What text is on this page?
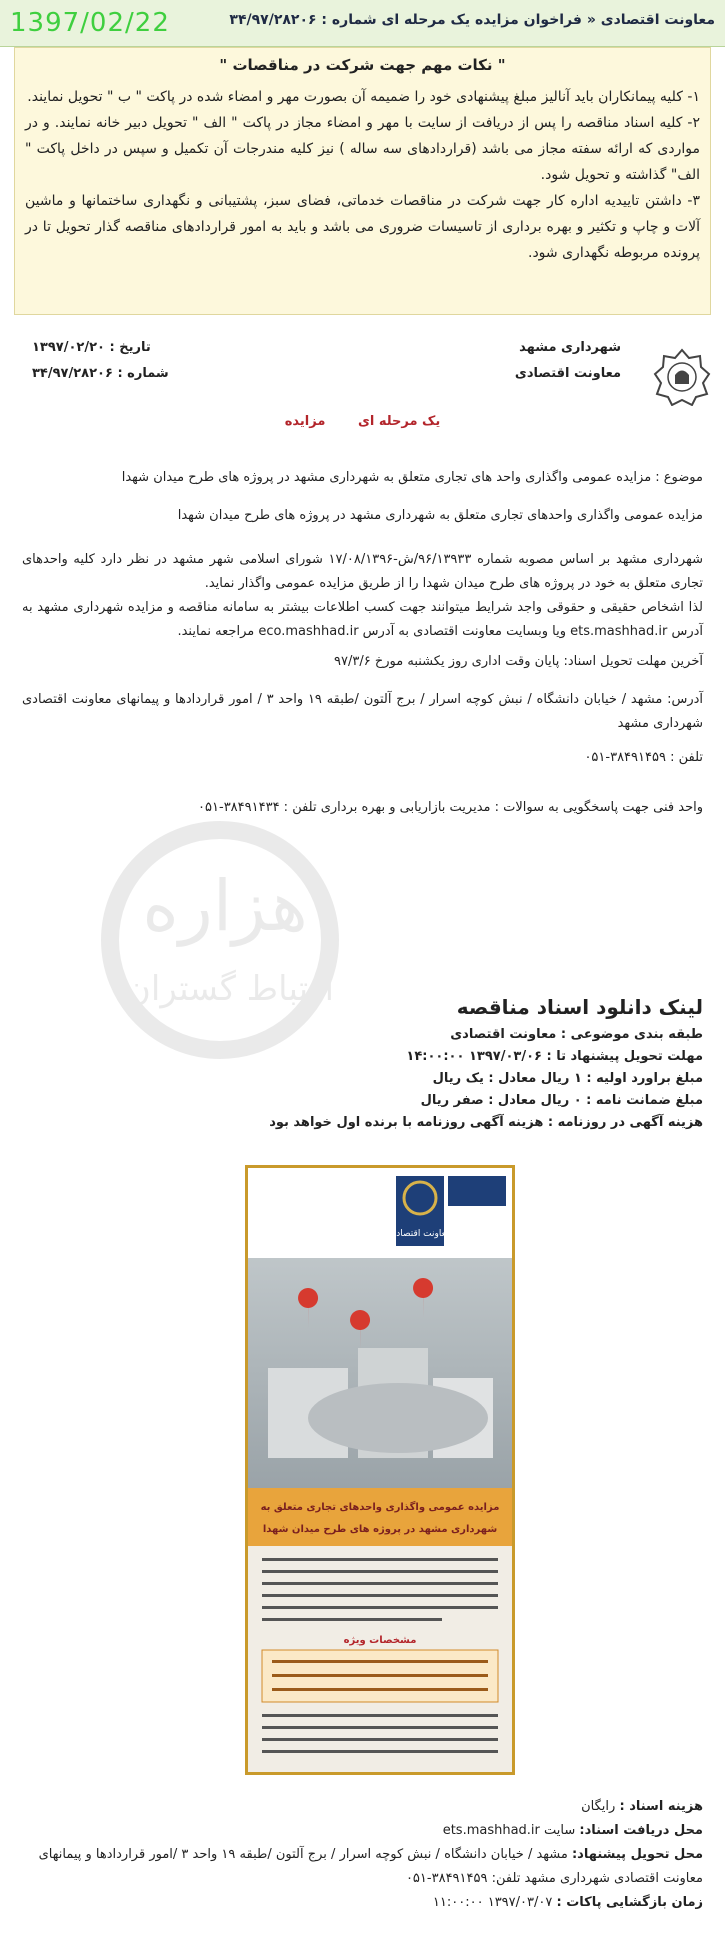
معاونت اقتصادی « فراخوان مزایده یک مرحله ای شماره : ۳۴/۹۷/۲۸۲۰۶
1397/02/22
" نکات مهم جهت شرکت در مناقصات "

۱- کلیه پیمانکاران باید آنالیز مبلغ پیشنهادی خود را ضمیمه آن بصورت مهر و امضاء شده در پاکت " ب " تحویل نمایند.

۲- کلیه اسناد مناقصه را پس از دریافت از سایت با مهر و امضاء مجاز در پاکت " الف " تحویل دبیر خانه نمایند. و در مواردی که ارائه سفته مجاز می باشد (قراردادهای سه ساله ) نیز کلیه مندرجات آن تکمیل و سپس در داخل پاکت " الف" گذاشته و تحویل شود.

۳- داشتن تاییدیه اداره کار جهت شرکت در مناقصات خدماتی، فضای سبز، پشتیبانی و نگهداری ساختمانها و ماشین آلات و چاپ و تکثیر و بهره برداری از تاسیسات ضروری می باشد و باید به امور قراردادهای مناقصه گذار تحویل تا در پرونده مربوطه نگهداری شود.

شهرداری مشهد
معاونت اقتصادی
تاریخ : ۱۳۹۷/۰۲/۲۰
شماره : ۳۴/۹۷/۲۸۲۰۶
یک مرحله ای مزایده
هزاره
ارتباط گستران

موضوع : مزایده عمومی واگذاری واحد های تجاری متعلق به شهرداری مشهد در پروژه های طرح میدان شهدا

مزایده عمومی واگذاری واحدهای تجاری متعلق به شهرداری مشهد در پروژه های طرح میدان شهدا

شهرداری مشهد بر اساس مصوبه شماره ۹۶/۱۳۹۳۳/ش-۱۷/۰۸/۱۳۹۶ شورای اسلامی شهر مشهد در نظر دارد کلیه واحدهای تجاری متعلق به خود در پروژه های طرح میدان شهدا را از طریق مزایده عمومی واگذار نماید.

لذا اشخاص حقیقی و حقوقی واجد شرایط میتوانند جهت کسب اطلاعات بیشتر به سامانه مناقصه و مزایده شهرداری مشهد به آدرس ets.mashhad.ir ویا وبسایت معاونت اقتصادی به آدرس eco.mashhad.ir مراجعه نمایند.

آخرین مهلت تحویل اسناد: پایان وقت اداری روز یکشنبه مورخ ۹۷/۳/۶

آدرس: مشهد / خیابان دانشگاه / نبش کوچه اسرار / برج آلتون /طبقه ۱۹ واحد ۳ / امور قراردادها و پیمانهای معاونت اقتصادی شهرداری مشهد

تلفن : ۳۸۴۹۱۴۵۹-۰۵۱

واحد فنی جهت پاسخگویی به سوالات : مدیریت بازاریابی و بهره برداری تلفن : ۳۸۴۹۱۴۳۴-۰۵۱

لینک دانلود اسناد مناقصه
طبقه بندی موضوعی : معاونت اقتصادی
مهلت تحویل پیشنهاد تا : ۱۳۹۷/۰۳/۰۶ ۱۴:۰۰:۰۰
مبلغ براورد اولیه : ۱ ریال معادل : یک ریال
مبلغ ضمانت نامه : ۰ ریال معادل : صفر ریال
هزینه آگهی در روزنامه : هزینه آگهی روزنامه با برنده اول خواهد بود
معاونت اقتصادی
مزایده عمومی واگذاری واحدهای تجاری متعلق به
شهرداری مشهد در پروژه های طرح میدان شهدا
مشخصات ویژه
هزینه اسناد : رایگان
محل دریافت اسناد: سایت ets.mashhad.ir
محل تحویل پیشنهاد: مشهد / خیابان دانشگاه / نبش کوچه اسرار / برج آلتون /طبقه ۱۹ واحد ۳ /امور قراردادها و پیمانهای معاونت اقتصادی شهرداری مشهد تلفن: ۳۸۴۹۱۴۵۹-۰۵۱
زمان بازگشایی پاکات : ۱۳۹۷/۰۳/۰۷ ۱۱:۰۰:۰۰
